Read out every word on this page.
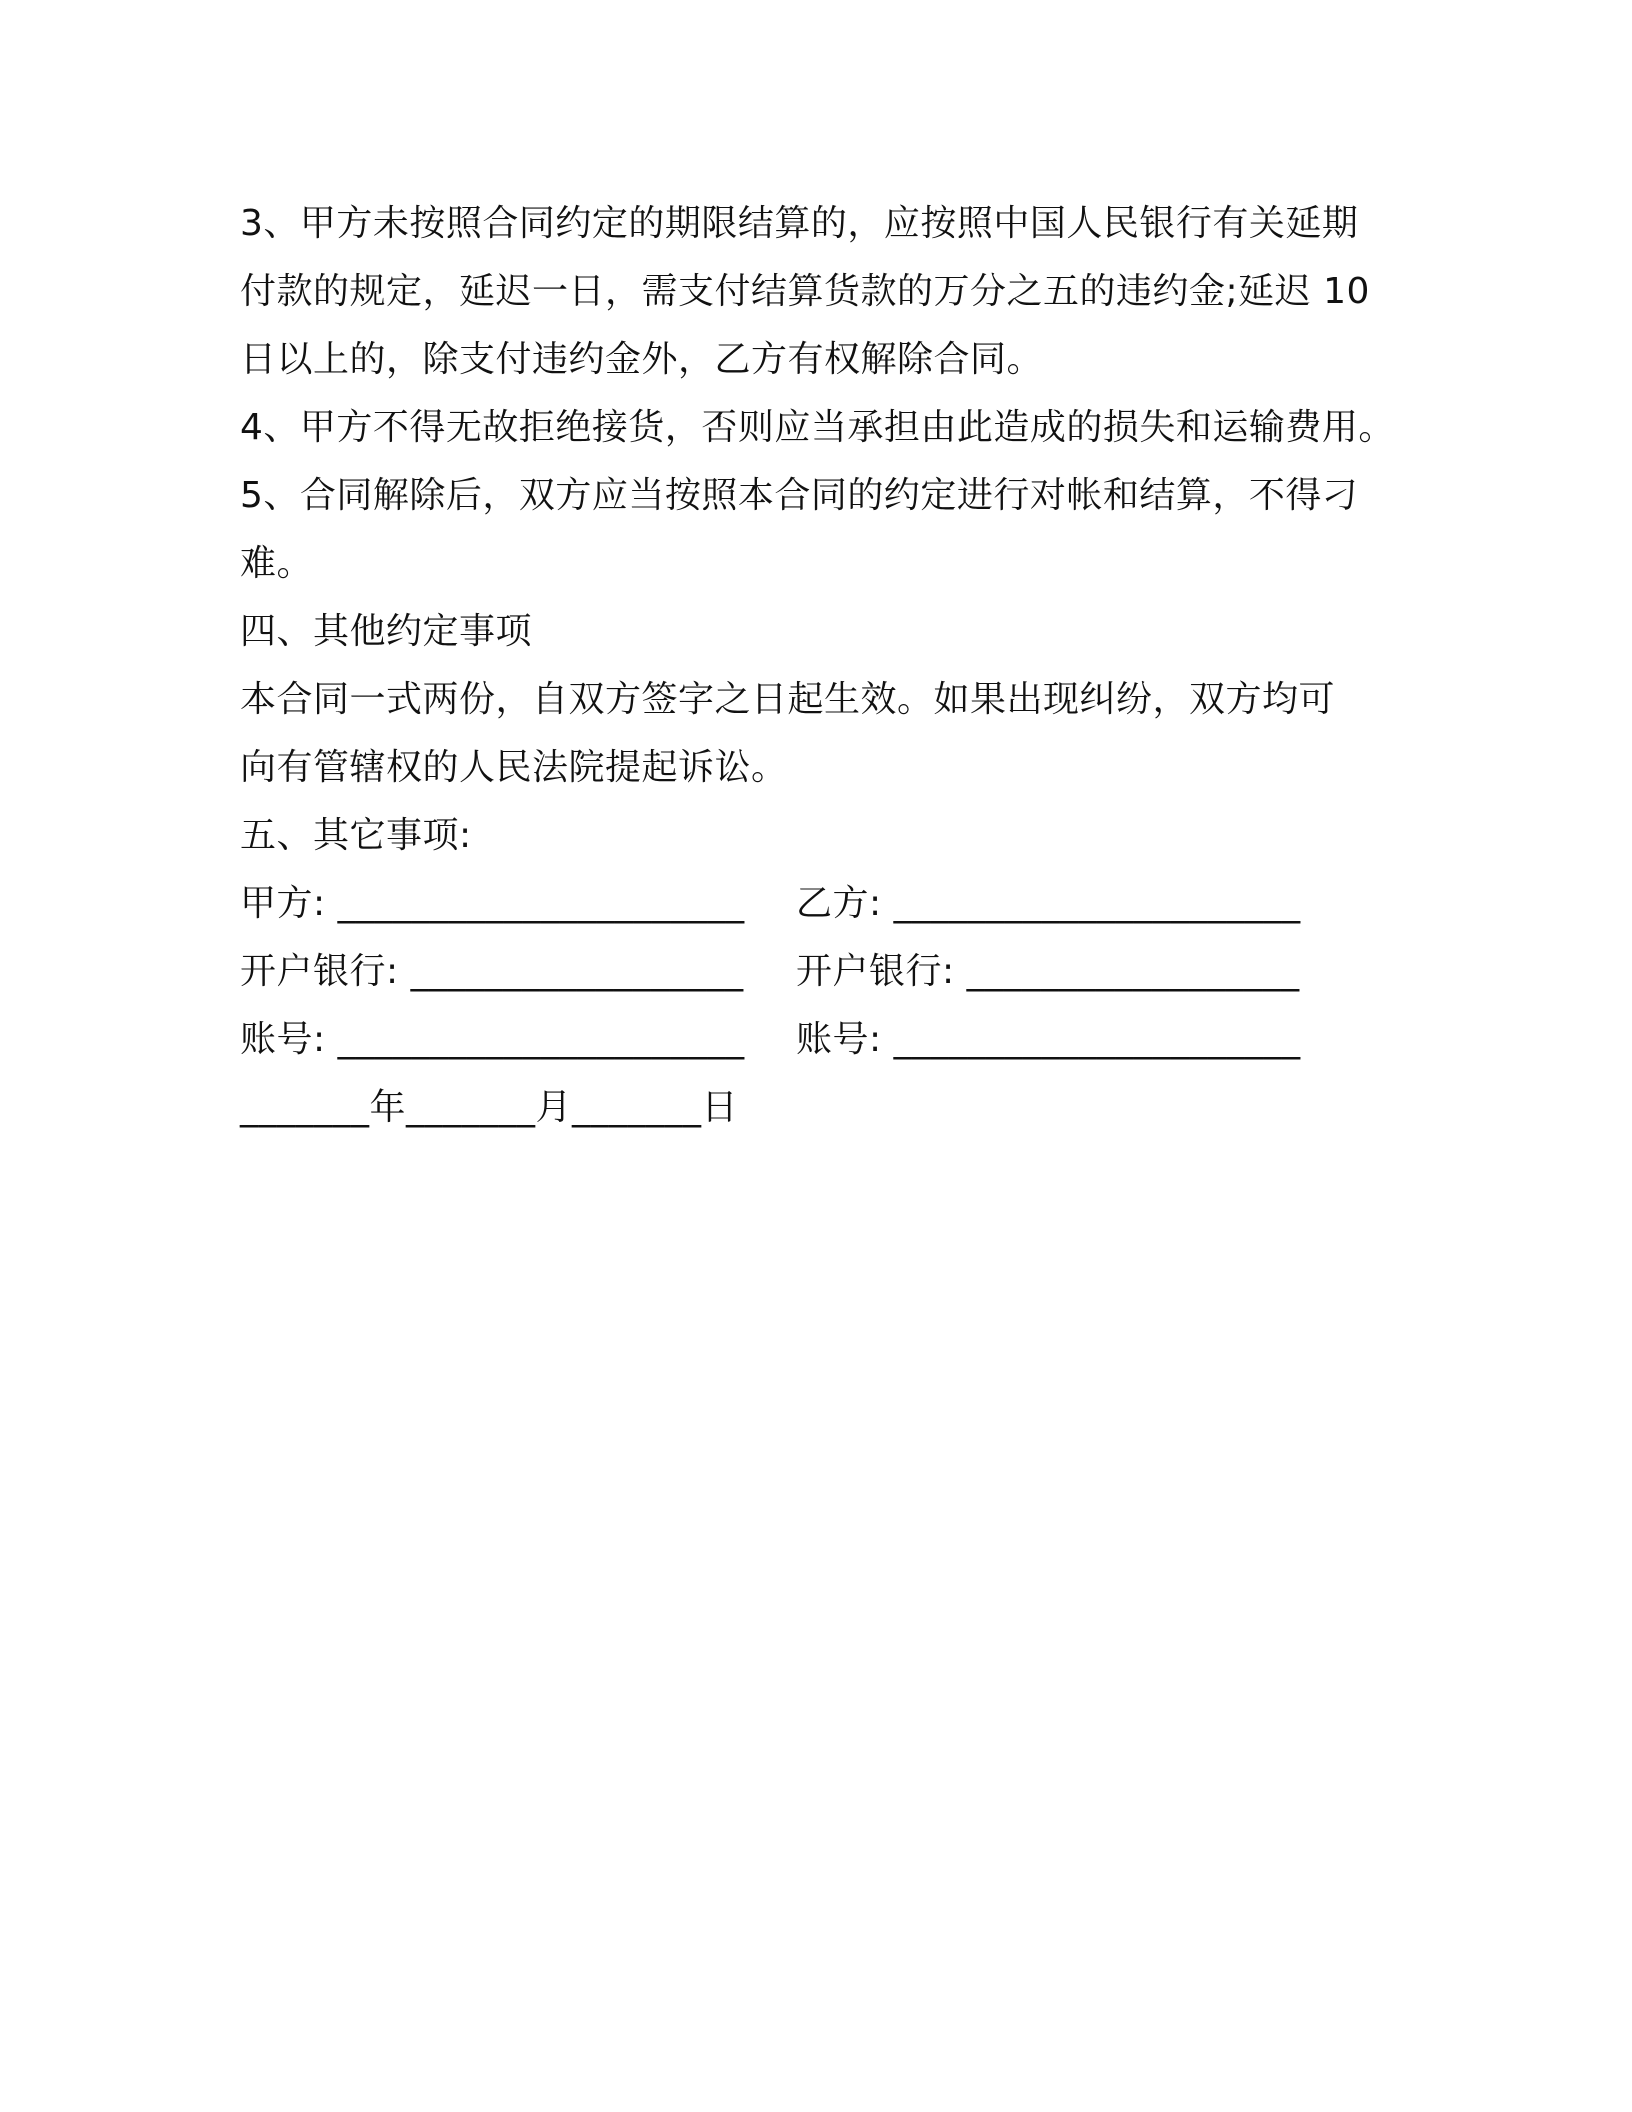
3、甲方未按照合同约定的期限结算的，应按照中国人民银行有关延期
付款的规定，延迟一日，需支付结算货款的万分之五的违约金;延迟 10
日以上的，除支付违约金外，乙方有权解除合同。
4、甲方不得无故拒绝接货，否则应当承担由此造成的损失和运输费用。
5、合同解除后，双方应当按照本合同的约定进行对帐和结算，不得刁
难。
四、其他约定事项
本合同一式两份，自双方签字之日起生效。如果出现纠纷，双方均可
向有管辖权的人民法院提起诉讼。
五、其它事项:
甲方: ______________________	乙方: ______________________
开户银行: __________________	开户银行: __________________
账号: ______________________	账号: ______________________
_______年_______月_______日
